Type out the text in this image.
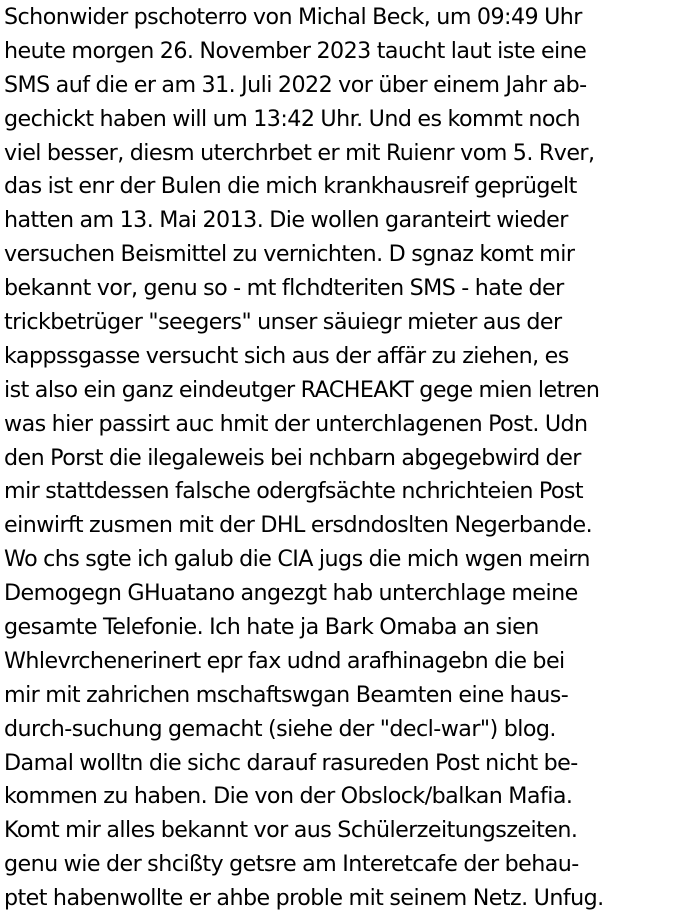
Schonwider pschoterro von Michal Beck, um 09:49 Uhr
heute morgen 26. November 2023 taucht laut iste eine
SMS auf die er am 31. Juli 2022 vor über einem Jahr ab-
gechickt haben will um 13:42 Uhr. Und es kommt noch
viel besser, diesm uterchrbet er mit Ruienr vom 5. Rver,
das ist enr der Bulen die mich krankhausreif geprügelt
hatten am 13. Mai 2013. Die wollen garanteirt wieder
versuchen Beismittel zu vernichten. D sgnaz komt mir
bekannt vor, genu so - mt flchdteriten SMS - hate der
trickbetrüger "seegers" unser säuiegr mieter aus der
kappssgasse versucht sich aus der affär zu ziehen, es
ist also ein ganz eindeutger RACHEAKT gege mien letren
was hier passirt auc hmit der unterchlagenen Post. Udn
den Porst die ilegaleweis bei nchbarn abgegebwird der
mir stattdessen falsche odergfsächte nchrichteien Post
einwirft zusmen mit der DHL ersdndoslten Negerbande.
Wo chs sgte ich galub die CIA jugs die mich wgen meirn
Demogegn GHuatano angezgt hab unterchlage meine
gesamte Telefonie. Ich hate ja Bark Omaba an sien
Whlevrchenerinert epr fax udnd arafhinagebn die bei
mir mit zahrichen mschaftswgan Beamten eine haus-
durch-suchung gemacht (siehe der "decl-war") blog.
Damal wolltn die sichc darauf rasureden Post nicht be-
kommen zu haben. Die von der Obslock/balkan Mafia.
Komt mir alles bekannt vor aus Schülerzeitungszeiten.
genu wie der shcißty getsre am Interetcafe der behau-
ptet habenwollte er ahbe proble mit seinem Netz. Unfug.
